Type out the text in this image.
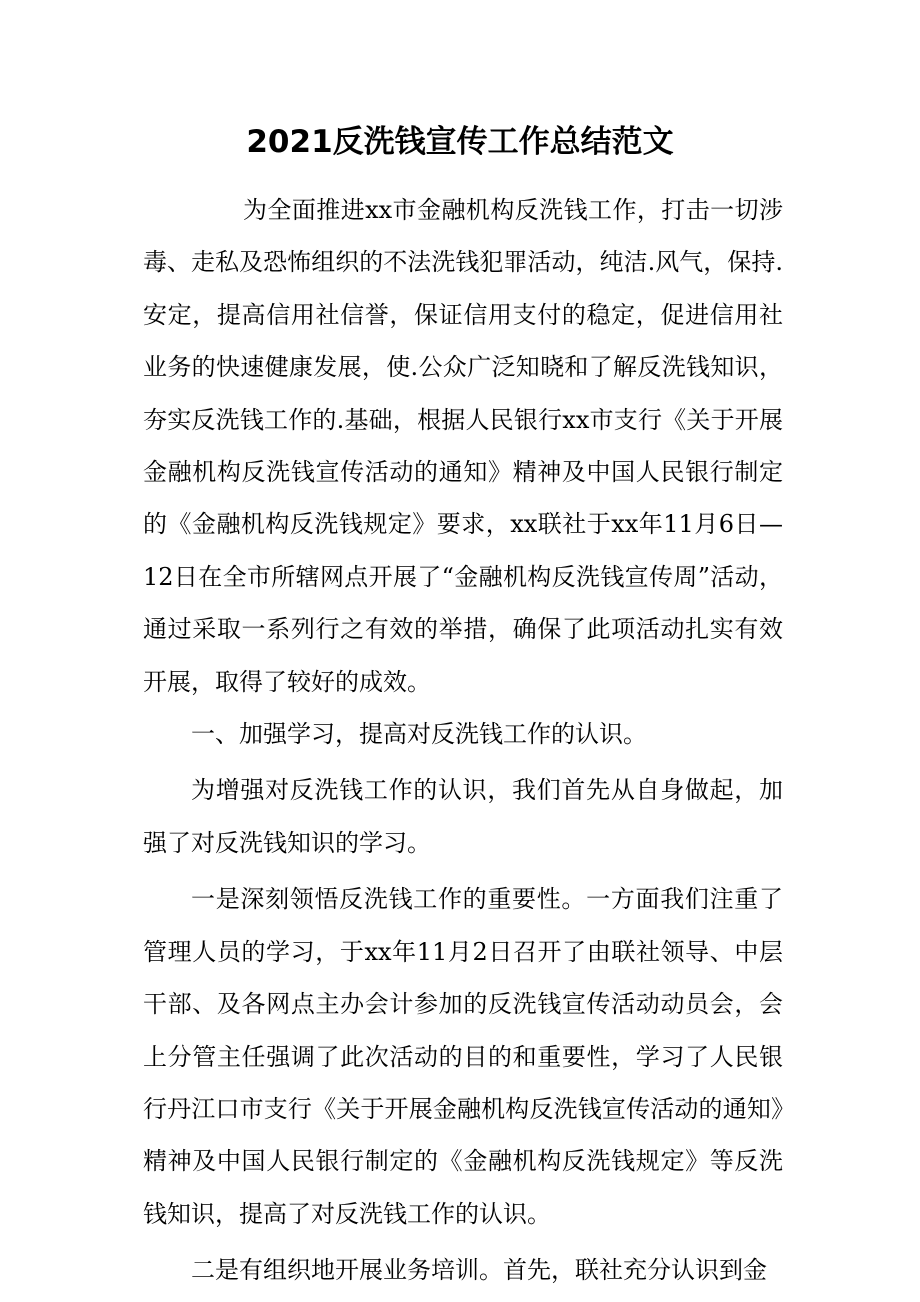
2021反洗钱宣传工作总结范文

为全面推进xx市金融机构反洗钱工作，打击一切涉毒、走私及恐怖组织的不法洗钱犯罪活动，纯洁.风气，保持.安定，提高信用社信誉，保证信用支付的稳定，促进信用社业务的快速健康发展，使.公众广泛知晓和了解反洗钱知识，夯实反洗钱工作的.基础，根据人民银行xx市支行《关于开展金融机构反洗钱宣传活动的通知》精神及中国人民银行制定的《金融机构反洗钱规定》要求，xx联社于xx年11月6日—12日在全市所辖网点开展了“金融机构反洗钱宣传周”活动，通过采取一系列行之有效的举措，确保了此项活动扎实有效开展，取得了较好的成效。

一、加强学习，提高对反洗钱工作的认识。

为增强对反洗钱工作的认识，我们首先从自身做起，加强了对反洗钱知识的学习。

一是深刻领悟反洗钱工作的重要性。一方面我们注重了管理人员的学习，于xx年11月2日召开了由联社领导、中层干部、及各网点主办会计参加的反洗钱宣传活动动员会，会上分管主任强调了此次活动的目的和重要性，学习了人民银行丹江口市支行《关于开展金融机构反洗钱宣传活动的通知》精神及中国人民银行制定的《金融机构反洗钱规定》等反洗钱知识，提高了对反洗钱工作的认识。

二是有组织地开展业务培训。首先，联社充分认识到金
